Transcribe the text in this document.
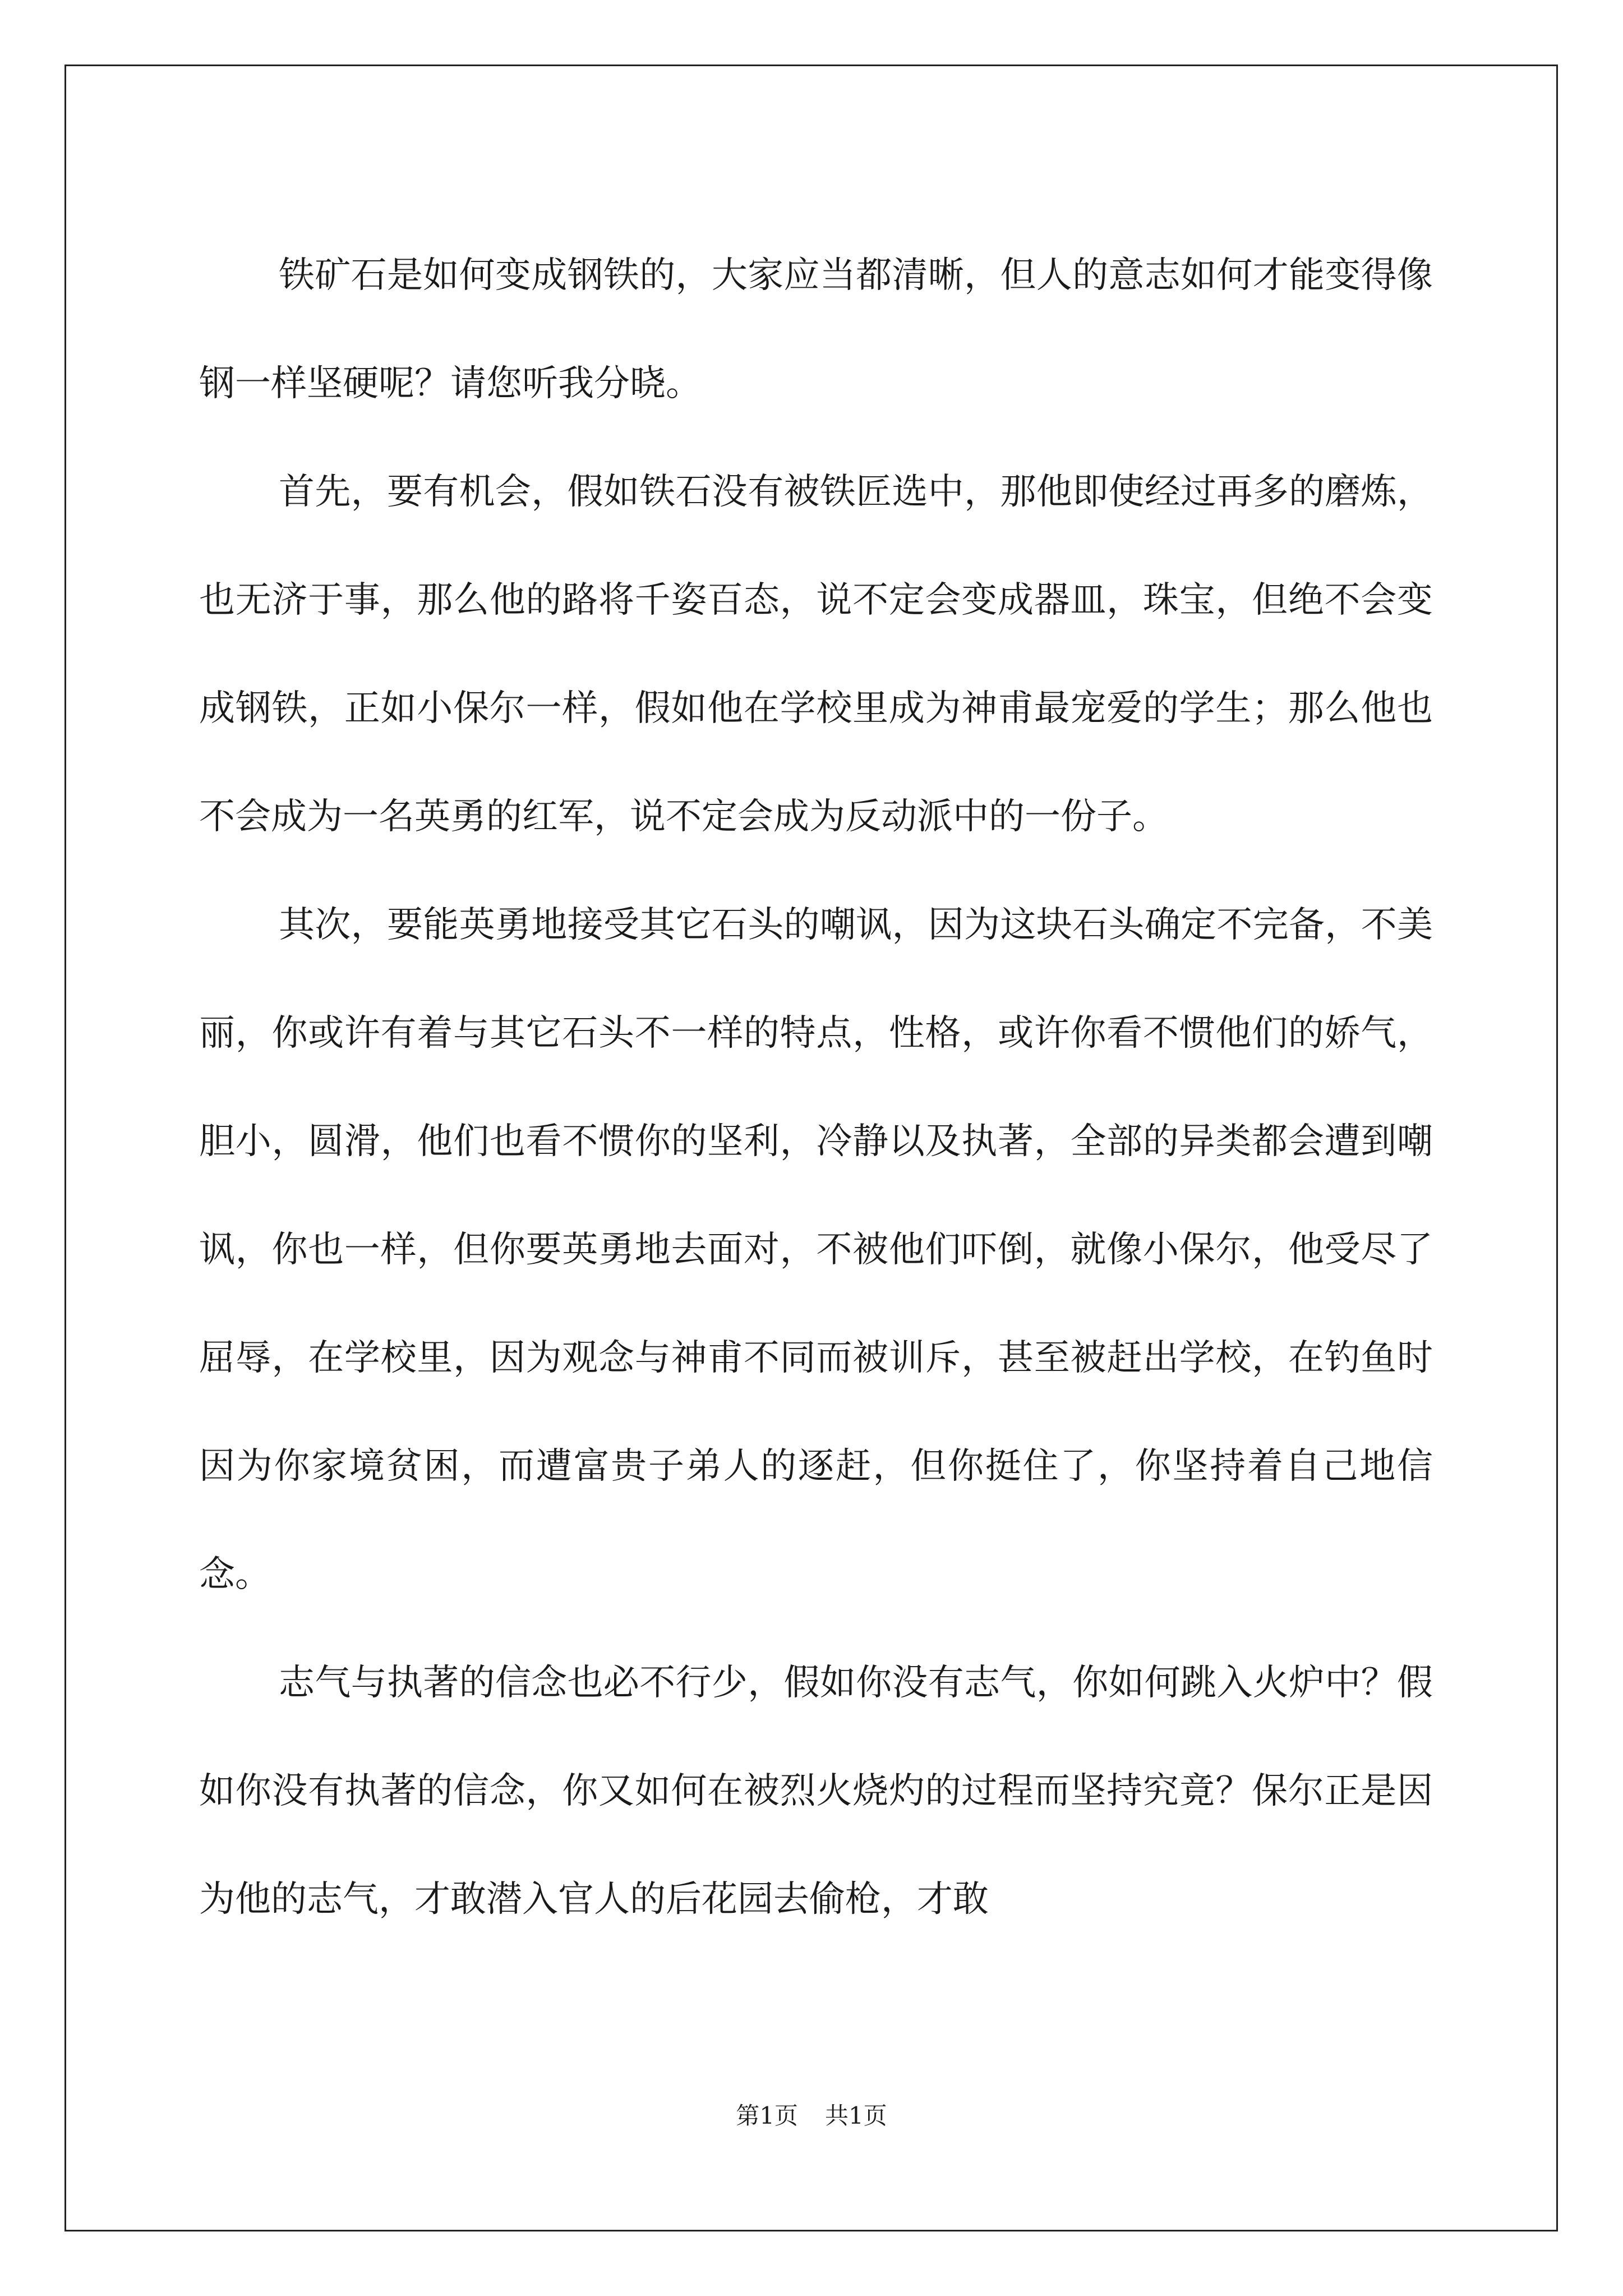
铁矿石是如何变成钢铁的，大家应当都清晰，但人的意志如何才能变得像钢一样坚硬呢？请您听我分晓。

首先，要有机会，假如铁石没有被铁匠选中，那他即使经过再多的磨炼，也无济于事，那么他的路将千姿百态，说不定会变成器皿，珠宝，但绝不会变成钢铁，正如小保尔一样，假如他在学校里成为神甫最宠爱的学生；那么他也不会成为一名英勇的红军，说不定会成为反动派中的一份子。

其次，要能英勇地接受其它石头的嘲讽，因为这块石头确定不完备，不美丽，你或许有着与其它石头不一样的特点，性格，或许你看不惯他们的娇气，胆小，圆滑，他们也看不惯你的坚利，冷静以及执著，全部的异类都会遭到嘲讽，你也一样，但你要英勇地去面对，不被他们吓倒，就像小保尔，他受尽了屈辱，在学校里，因为观念与神甫不同而被训斥，甚至被赶出学校，在钓鱼时因为你家境贫困，而遭富贵子弟人的逐赶，但你挺住了，你坚持着自己地信念。

志气与执著的信念也必不行少，假如你没有志气，你如何跳入火炉中？假如你没有执著的信念，你又如何在被烈火烧灼的过程而坚持究竟？保尔正是因为他的志气，才敢潜入官人的后花园去偷枪，才敢

第1页 共1页
